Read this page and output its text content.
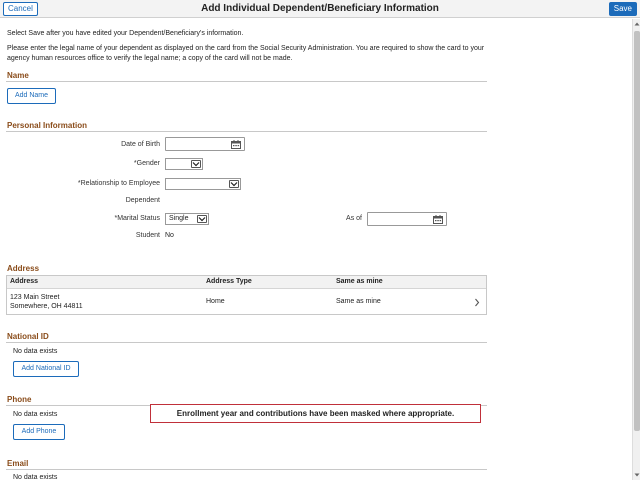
Cancel	Add Individual Dependent/Beneficiary Information	Save
Select Save after you have edited your Dependent/Beneficiary's information.
Please enter the legal name of your dependent as displayed on the card from the Social Security Administration. You are required to show the card to your agency human resources office to verify the legal name; a copy of the card will not be made.
Name
Add Name
Personal Information
Date of Birth
*Gender
*Relationship to Employee
Dependent
*Marital Status	Single	As of
Student No
Address
Address	Address Type	Same as mine
123 Main Street
Somewhere, OH 44811
Home	Same as mine
National ID
No data exists
Add National ID
Phone
No data exists
Add Phone
Email
No data exists
Enrollment year and contributions have been masked where appropriate.
